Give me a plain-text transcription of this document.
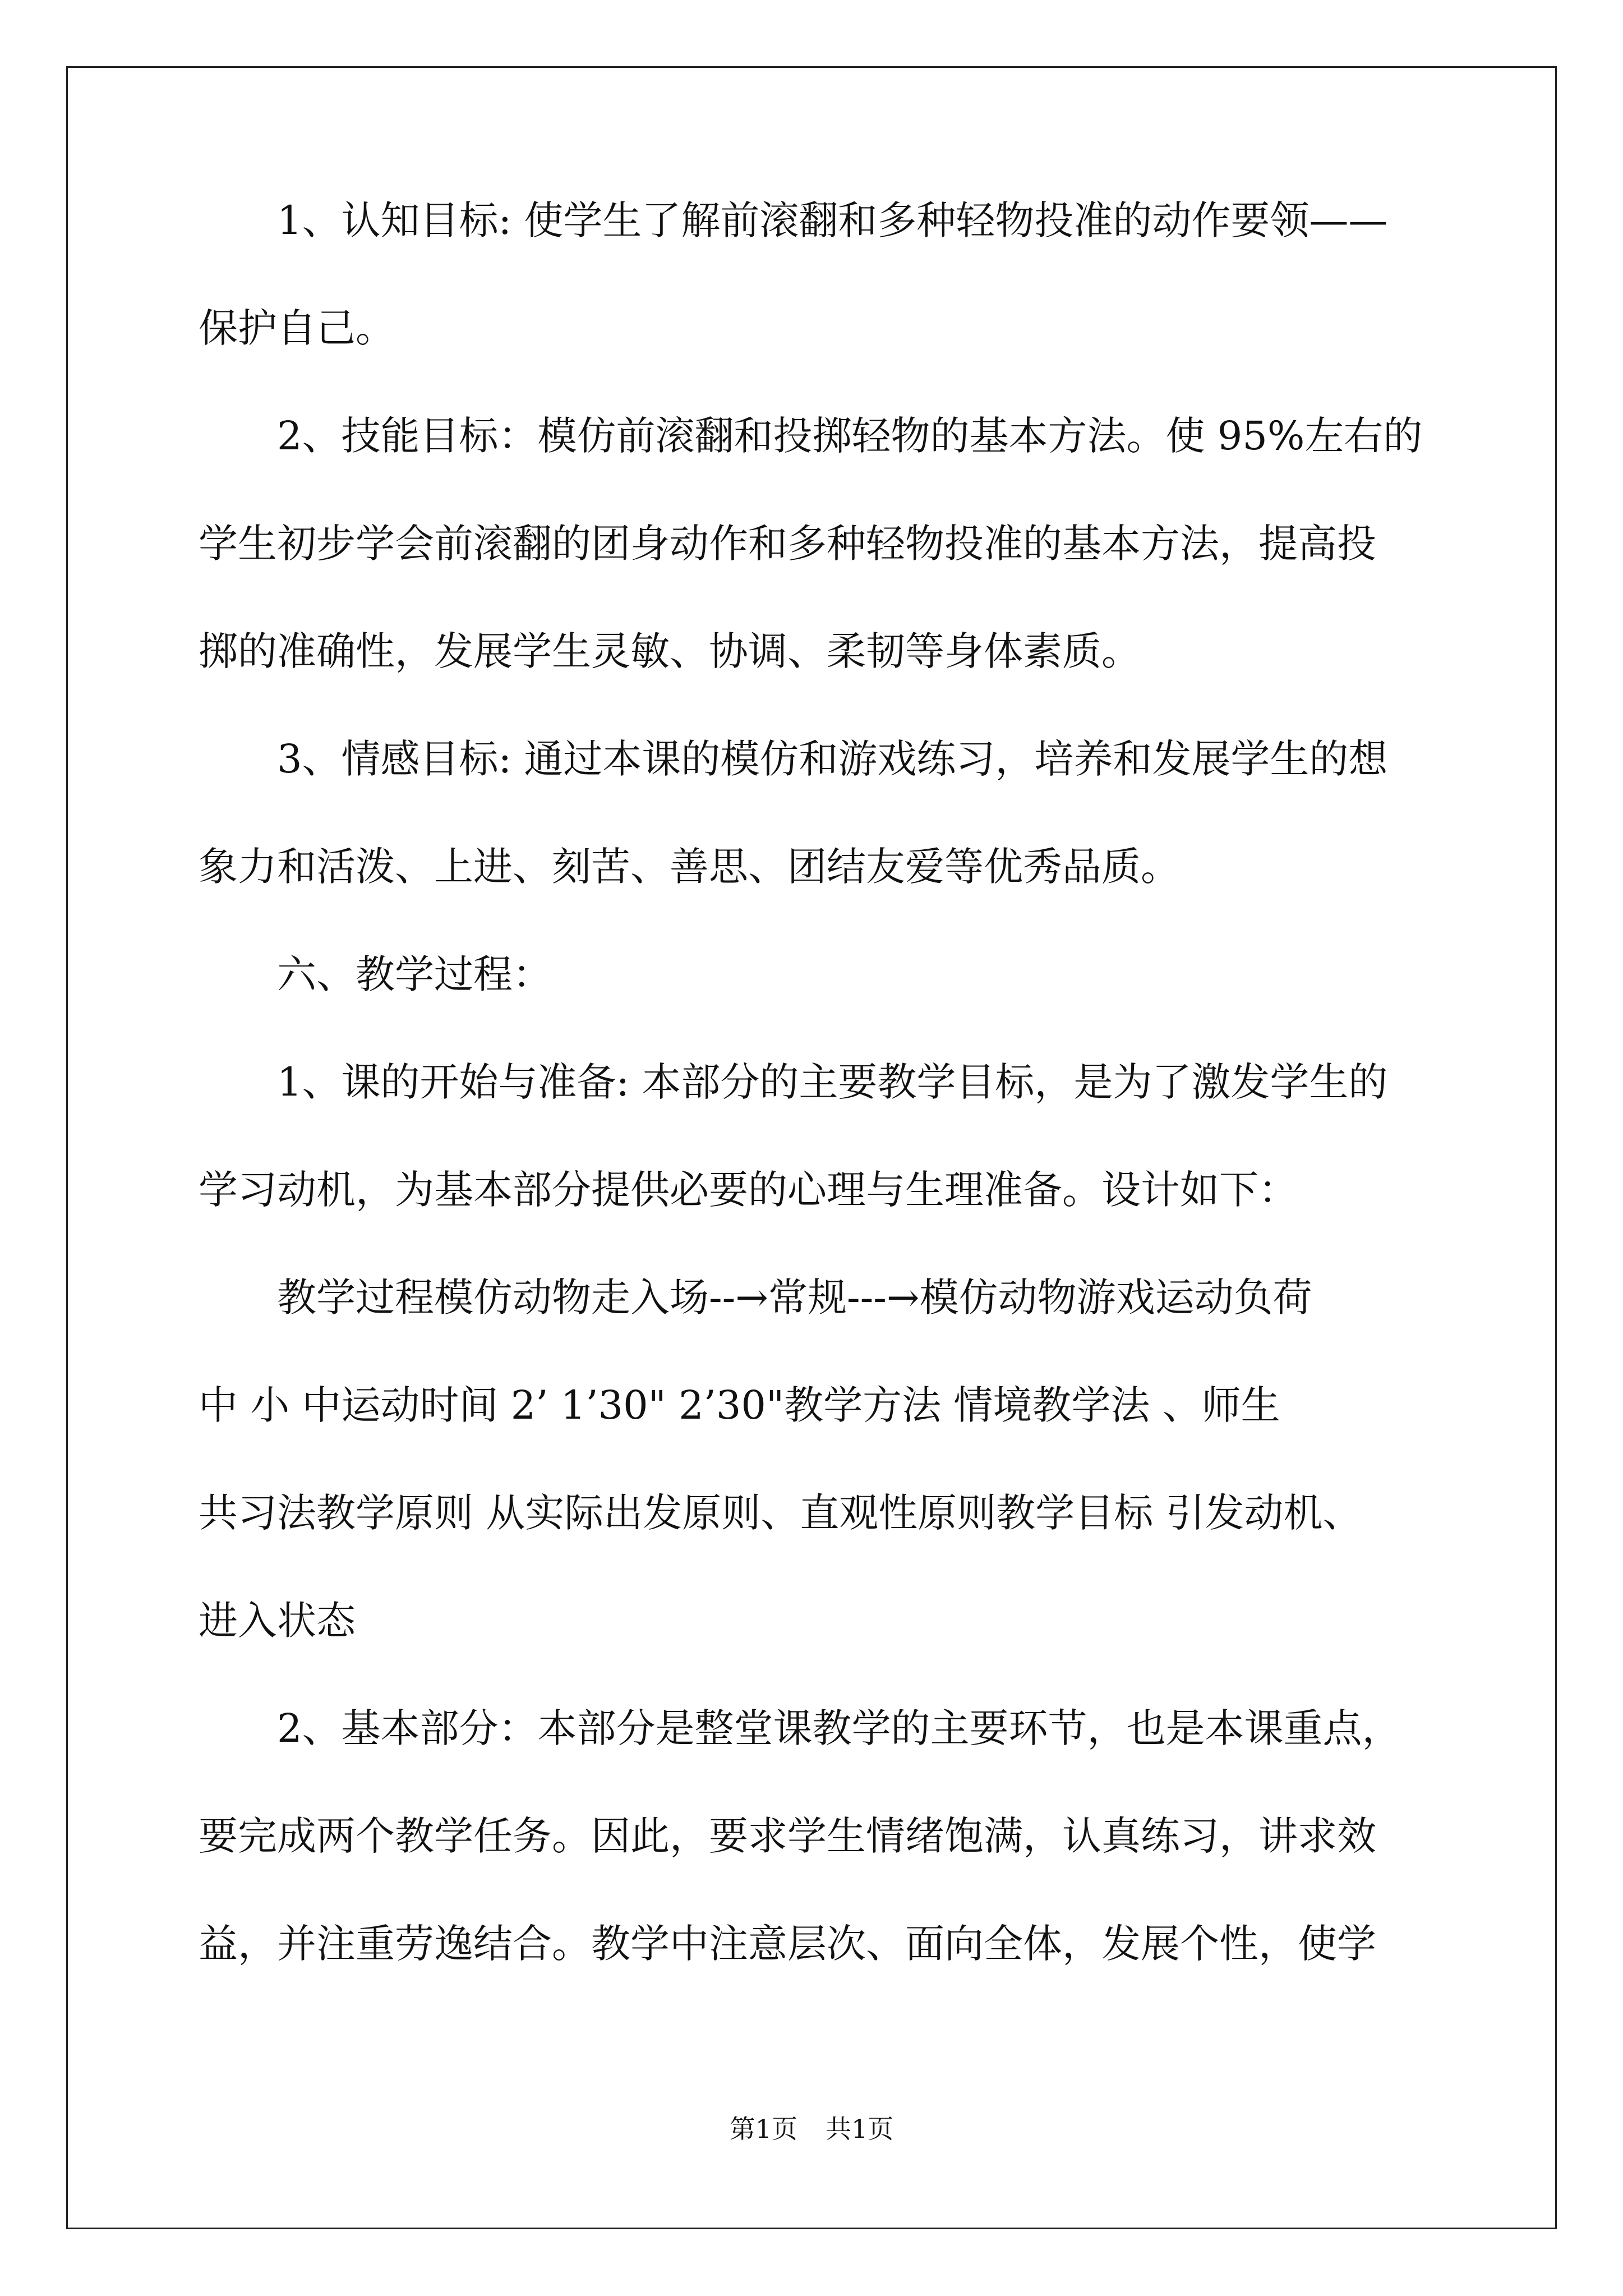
1、认知目标: 使学生了解前滚翻和多种轻物投准的动作要领——
保护自己。
2、技能目标：模仿前滚翻和投掷轻物的基本方法。使 95%左右的
学生初步学会前滚翻的团身动作和多种轻物投准的基本方法，提高投
掷的准确性，发展学生灵敏、协调、柔韧等身体素质。
3、情感目标: 通过本课的模仿和游戏练习，培养和发展学生的想
象力和活泼、上进、刻苦、善思、团结友爱等优秀品质。
六、教学过程：
1、课的开始与准备: 本部分的主要教学目标，是为了激发学生的
学习动机，为基本部分提供必要的心理与生理准备。设计如下：
教学过程模仿动物走入场--→常规---→模仿动物游戏运动负荷
中 小 中运动时间 2’ 1’30" 2’30"教学方法 情境教学法 、师生
共习法教学原则 从实际出发原则、直观性原则教学目标 引发动机、
进入状态
2、基本部分：本部分是整堂课教学的主要环节，也是本课重点，
要完成两个教学任务。因此，要求学生情绪饱满，认真练习，讲求效
益，并注重劳逸结合。教学中注意层次、面向全体，发展个性，使学
第1页 共1页
